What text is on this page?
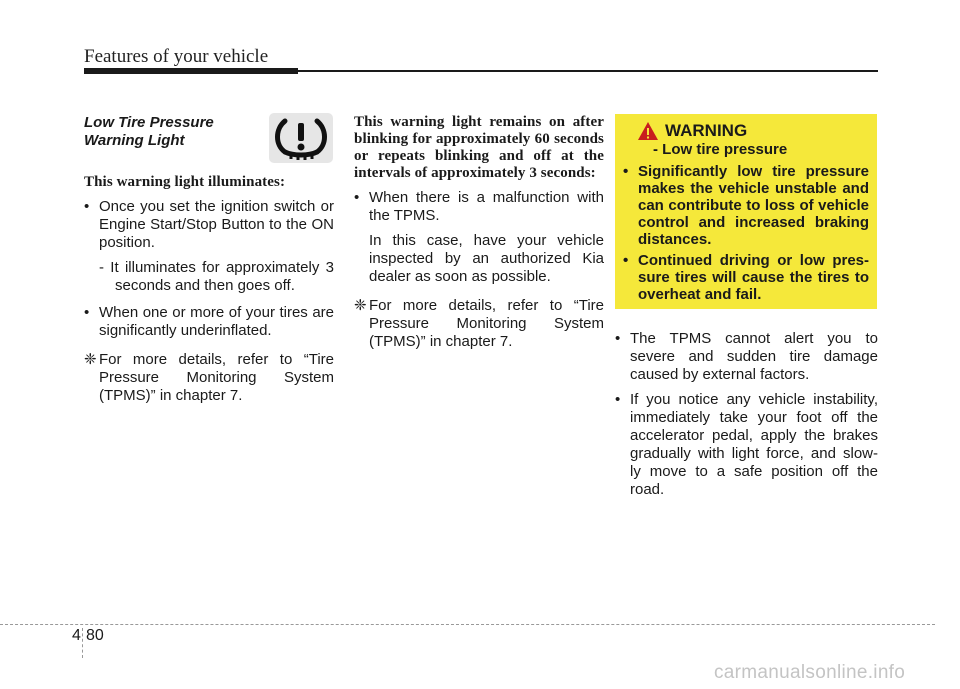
Features of your vehicle
Low Tire Pressure
Warning Light

This warning light illuminates:

• Once you set the ignition switch or Engine Start/Stop Button to the ON position.

- It illuminates for approximately 3 seconds and then goes off.

• When one or more of your tires are significantly underinflated.

❈ For more details, refer to “Tire Pressure Monitoring System (TPMS)” in chapter 7.

This warning light remains on after blinking for approximately 60 seconds or repeats blinking and off at the intervals of approximately 3 seconds:

• When there is a malfunction with the TPMS.

In this case, have your vehicle inspected by an authorized Kia dealer as soon as possible.

❈ For more details, refer to “Tire Pressure Monitoring System (TPMS)” in chapter 7.

WARNING
- Low tire pressure

• Significantly low tire pressure makes the vehicle unstable and can contribute to loss of vehicle control and increased braking distances.

• Continued driving or low pres- sure tires will cause the tires to overheat and fail.

• The TPMS cannot alert you to severe and sudden tire damage caused by external factors.

• If you notice any vehicle instability, immediately take your foot off the accelerator pedal, apply the brakes gradually with light force, and slow- ly move to a safe position off the road.

4 80
carmanualsonline.info
